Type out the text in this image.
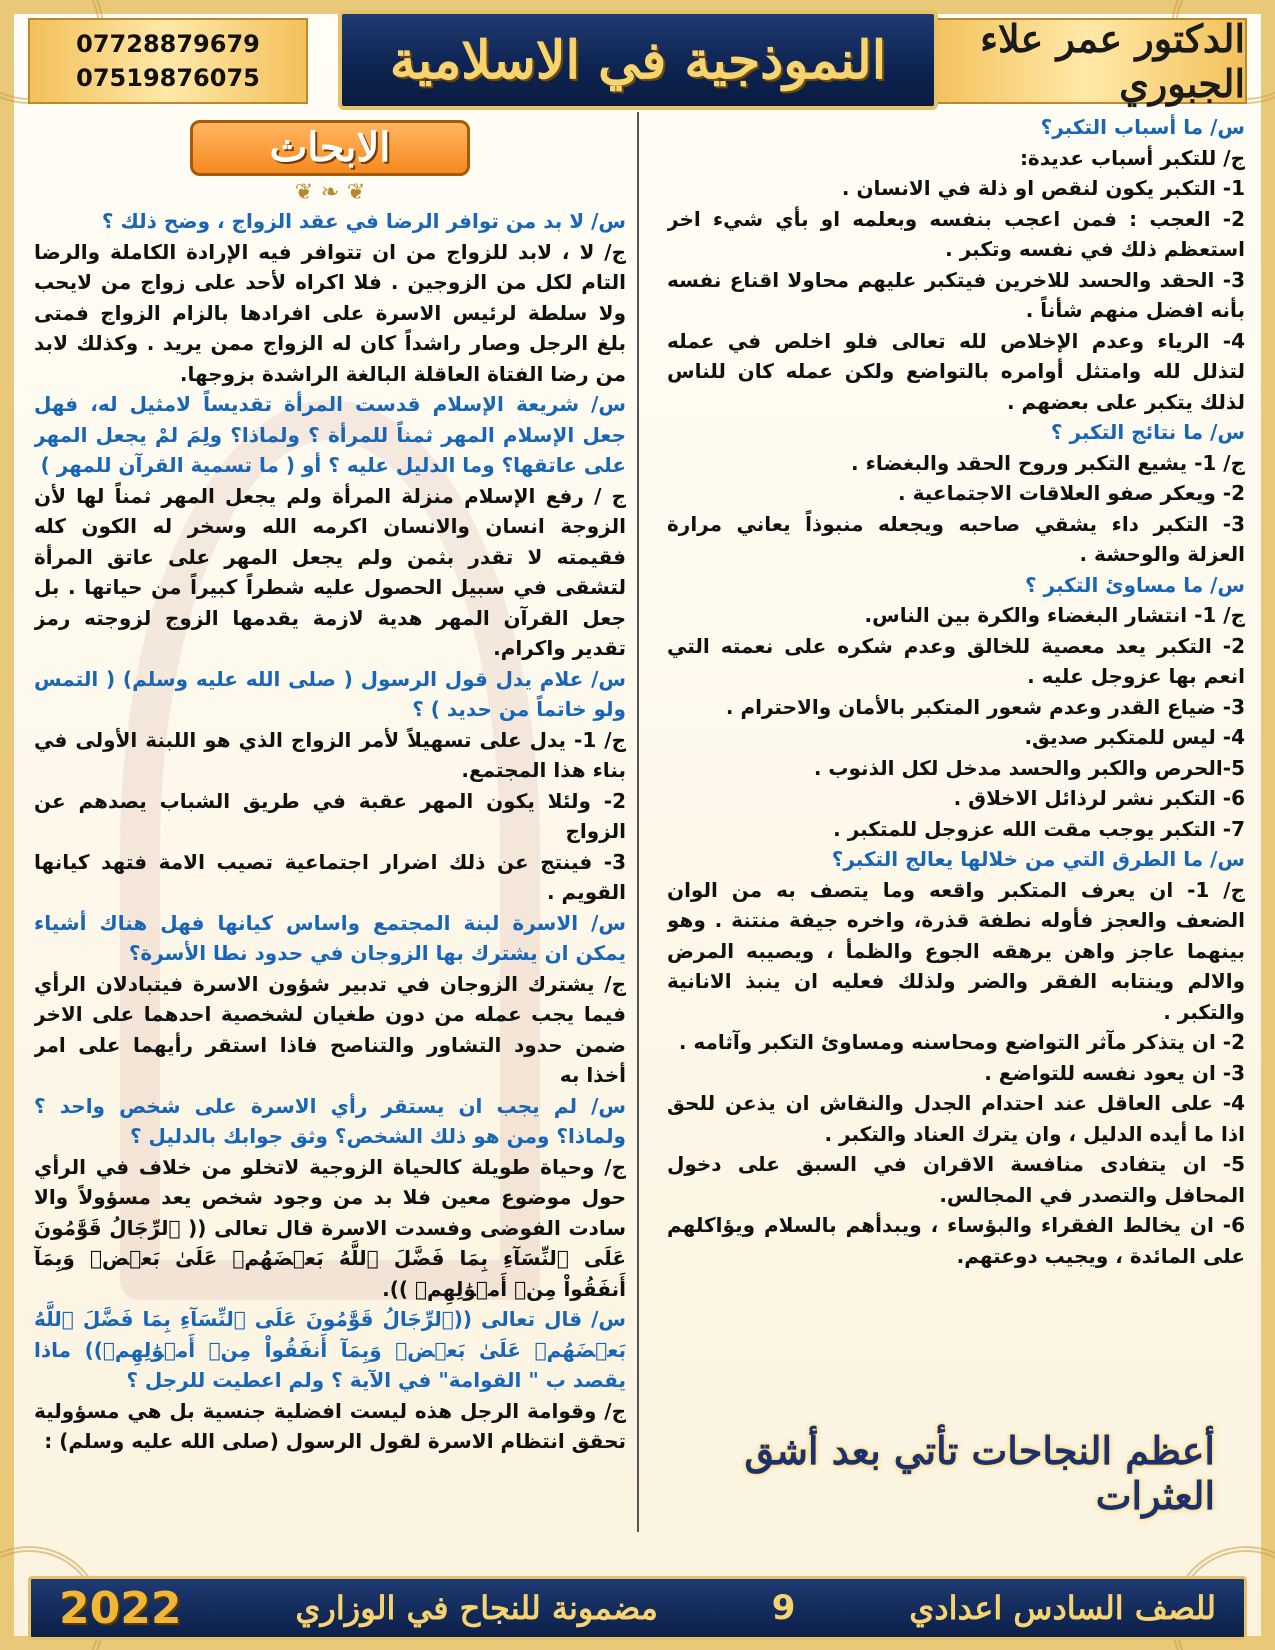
الدكتور عمر علاء الجبوري
النموذجية في الاسلامية
07728879679
07519876075
س/ ما أسباب التكبر؟
ج/ للتكبر أسباب عديدة:
1- التكبر يكون لنقص او ذلة في الانسان .
2- العجب : فمن اعجب بنفسه وبعلمه او بأي شيء اخر استعظم ذلك في نفسه وتكبر .
3- الحقد والحسد للاخرين فيتكبر عليهم محاولا اقناع نفسه بأنه افضل منهم شأناً .
4- الرياء وعدم الإخلاص لله تعالى فلو اخلص في عمله لتذلل لله وامتثل أوامره بالتواضع ولكن عمله كان للناس لذلك يتكبر على بعضهم .
س/ ما نتائج التكبر ؟
ج/ 1- يشيع التكبر وروح الحقد والبغضاء .
2- ويعكر صفو العلاقات الاجتماعية .
3- التكبر داء يشقي صاحبه ويجعله منبوذاً يعاني مرارة العزلة والوحشة .
س/ ما مساوئ التكبر ؟
ج/ 1- انتشار البغضاء والكرة بين الناس.
2- التكبر يعد معصية للخالق وعدم شكره على نعمته التي انعم بها عزوجل عليه .
3- ضياع القدر وعدم شعور المتكبر بالأمان والاحترام .
4- ليس للمتكبر صديق.
5-الحرص والكبر والحسد مدخل لكل الذنوب .
6- التكبر نشر لرذائل الاخلاق .
7- التكبر يوجب مقت الله عزوجل للمتكبر .
س/ ما الطرق التي من خلالها يعالج التكبر؟
ج/ 1- ان يعرف المتكبر واقعه وما يتصف به من الوان الضعف والعجز فأوله نطفة قذرة، واخره جيفة منتنة . وهو بينهما عاجز واهن يرهقه الجوع والظمأ ، ويصيبه المرض والالم وينتابه الفقر والضر ولذلك فعليه ان ينبذ الانانية والتكبر .
2- ان يتذكر مآثر التواضع ومحاسنه ومساوئ التكبر وآثامه .
3- ان يعود نفسه للتواضع .
4- على العاقل عند احتدام الجدل والنقاش ان يذعن للحق اذا ما أيده الدليل ، وان يترك العناد والتكبر .
5- ان يتفادى منافسة الاقران في السبق على دخول المحافل والتصدر في المجالس.
6- ان يخالط الفقراء والبؤساء ، ويبدأهم بالسلام ويؤاكلهم على المائدة ، ويجيب دوعتهم.
الابحاث
❦ ❧ ❦
س/ لا بد من توافر الرضا في عقد الزواج ، وضح ذلك ؟
ج/ لا ، لابد للزواج من ان تتوافر فيه الإرادة الكاملة والرضا التام لكل من الزوجين . فلا اكراه لأحد على زواج من لايحب ولا سلطة لرئيس الاسرة على افرادها بالزام الزواج فمتى بلغ الرجل وصار راشداً كان له الزواج ممن يريد . وكذلك لابد من رضا الفتاة العاقلة البالغة الراشدة بزوجها.
س/ شريعة الإسلام قدست المرأة تقديساً لامثيل له، فهل جعل الإسلام المهر ثمناً للمرأة ؟ ولماذا؟ ولِمَ لمْ يجعل المهر على عاتقها؟ وما الدليل عليه ؟ أو ( ما تسمية القرآن للمهر )
ج / رفع الإسلام منزلة المرأة ولم يجعل المهر ثمناً لها لأن الزوجة انسان والانسان اكرمه الله وسخر له الكون كله فقيمته لا تقدر بثمن ولم يجعل المهر على عاتق المرأة لتشقى في سبيل الحصول عليه شطراً كبيراً من حياتها . بل جعل القرآن المهر هدية لازمة يقدمها الزوج لزوجته رمز تقدير واكرام.
س/ علام يدل قول الرسول ( صلى الله عليه وسلم) ( التمس ولو خاتماً من حديد ) ؟
ج/ 1- يدل على تسهيلاً لأمر الزواج الذي هو اللبنة الأولى في بناء هذا المجتمع.
2- ولئلا يكون المهر عقبة في طريق الشباب يصدهم عن الزواج
3- فينتج عن ذلك اضرار اجتماعية تصيب الامة فتهد كيانها القويم .
س/ الاسرة لبنة المجتمع واساس كيانها فهل هناك أشياء يمكن ان يشترك بها الزوجان في حدود نطا الأسرة؟
ج/ يشترك الزوجان في تدبير شؤون الاسرة فيتبادلان الرأي فيما يجب عمله من دون طغيان لشخصية احدهما على الاخر ضمن حدود التشاور والتناصح فاذا استقر رأيهما على امر أخذا به
س/ لم يجب ان يستقر رأي الاسرة على شخص واحد ؟ ولماذا؟ ومن هو ذلك الشخص؟ وثق جوابك بالدليل ؟
ج/ وحياة طويلة كالحياة الزوجية لاتخلو من خلاف في الرأي حول موضوع معين فلا بد من وجود شخص يعد مسؤولاً والا سادت الفوضى وفسدت الاسرة قال تعالى (( ٱلرِّجَالُ قَوَّٰمُونَ عَلَى ٱلنِّسَآءِ بِمَا فَضَّلَ ٱللَّهُ بَعۡضَهُمۡ عَلَىٰ بَعۡضٖ وَبِمَآ أَنفَقُواْ مِنۡ أَمۡوَٰلِهِمۡ )).
س/ قال تعالى ((ٱلرِّجَالُ قَوَّٰمُونَ عَلَى ٱلنِّسَآءِ بِمَا فَضَّلَ ٱللَّهُ بَعۡضَهُمۡ عَلَىٰ بَعۡضٖ وَبِمَآ أَنفَقُواْ مِنۡ أَمۡوَٰلِهِمۡ)) ماذا يقصد ب " القوامة" في الآية ؟ ولم اعطيت للرجل ؟
ج/ وقوامة الرجل هذه ليست افضلية جنسية بل هي مسؤولية تحقق انتظام الاسرة لقول الرسول (صلى الله عليه وسلم) :	أعظم النجاحات تأتي بعد أشق العثرات
للصف السادس اعدادي
9
مضمونة للنجاح في الوزاري
2022
